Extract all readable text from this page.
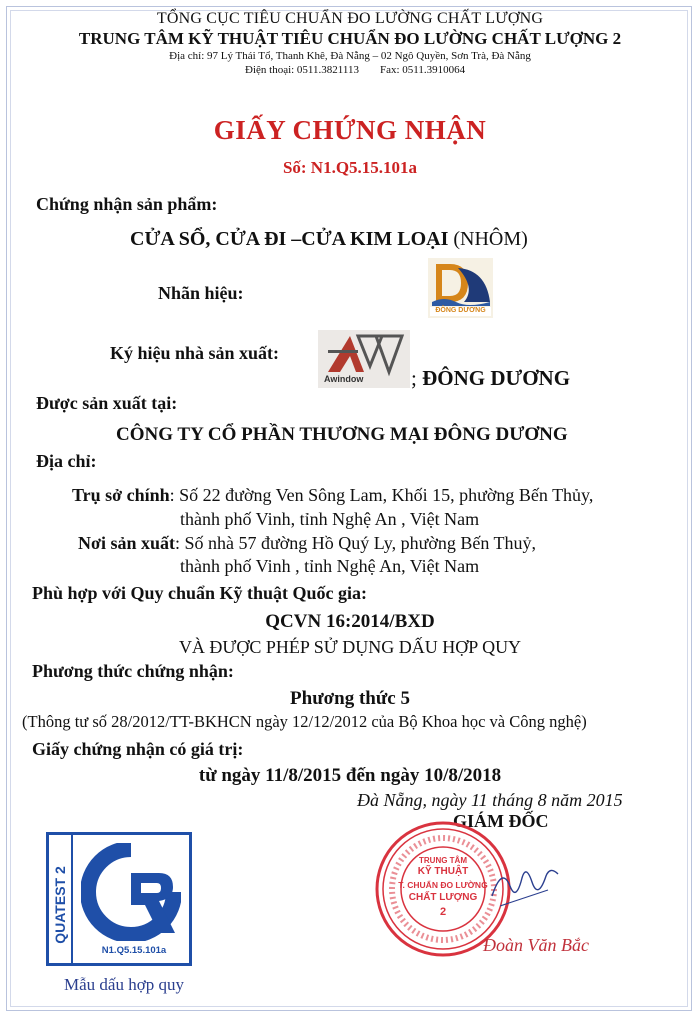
TỔNG CỤC TIÊU CHUẨN ĐO LƯỜNG CHẤT LƯỢNG
TRUNG TÂM KỸ THUẬT TIÊU CHUẨN ĐO LƯỜNG CHẤT LƯỢNG 2
Địa chỉ: 97 Lý Thái Tổ, Thanh Khê, Đà Nẵng – 02 Ngô Quyền, Sơn Trà, Đà Nẵng
Điện thoại: 0511.3821113 Fax: 0511.3910064
GIẤY CHỨNG NHẬN
Số: N1.Q5.15.101a
Chứng nhận sản phẩm:
CỬA SỔ, CỬA ĐI –CỬA KIM LOẠI (NHÔM)
Nhãn hiệu:
ĐÔNG DƯƠNG
Ký hiệu nhà sản xuất:
Awindow ; ĐÔNG DƯƠNG
Được sản xuất tại:
CÔNG TY CỔ PHẦN THƯƠNG MẠI ĐÔNG DƯƠNG
Địa chỉ:
Trụ sở chính: Số 22 đường Ven Sông Lam, Khối 15, phường Bến Thủy,
thành phố Vinh, tỉnh Nghệ An , Việt Nam
Nơi sản xuất: Số nhà 57 đường Hồ Quý Ly, phường Bến Thuỷ,
thành phố Vinh , tỉnh Nghệ An, Việt Nam
Phù hợp với Quy chuẩn Kỹ thuật Quốc gia:
QCVN 16:2014/BXD
VÀ ĐƯỢC PHÉP SỬ DỤNG DẤU HỢP QUY
Phương thức chứng nhận:
Phương thức 5
(Thông tư số 28/2012/TT-BKHCN ngày 12/12/2012 của Bộ Khoa học và Công nghệ)
Giấy chứng nhận có giá trị:
từ ngày 11/8/2015 đến ngày 10/8/2018
Đà Nẵng, ngày 11 tháng 8 năm 2015
GIÁM ĐỐC
TRUNG TÂM
KỸ THUẬT
T. CHUẨN ĐO LƯỜNG
CHẤT LƯỢNG
2
Đoàn Văn Bắc
QUATEST 2
N1.Q5.15.101a
Mẫu dấu hợp quy
